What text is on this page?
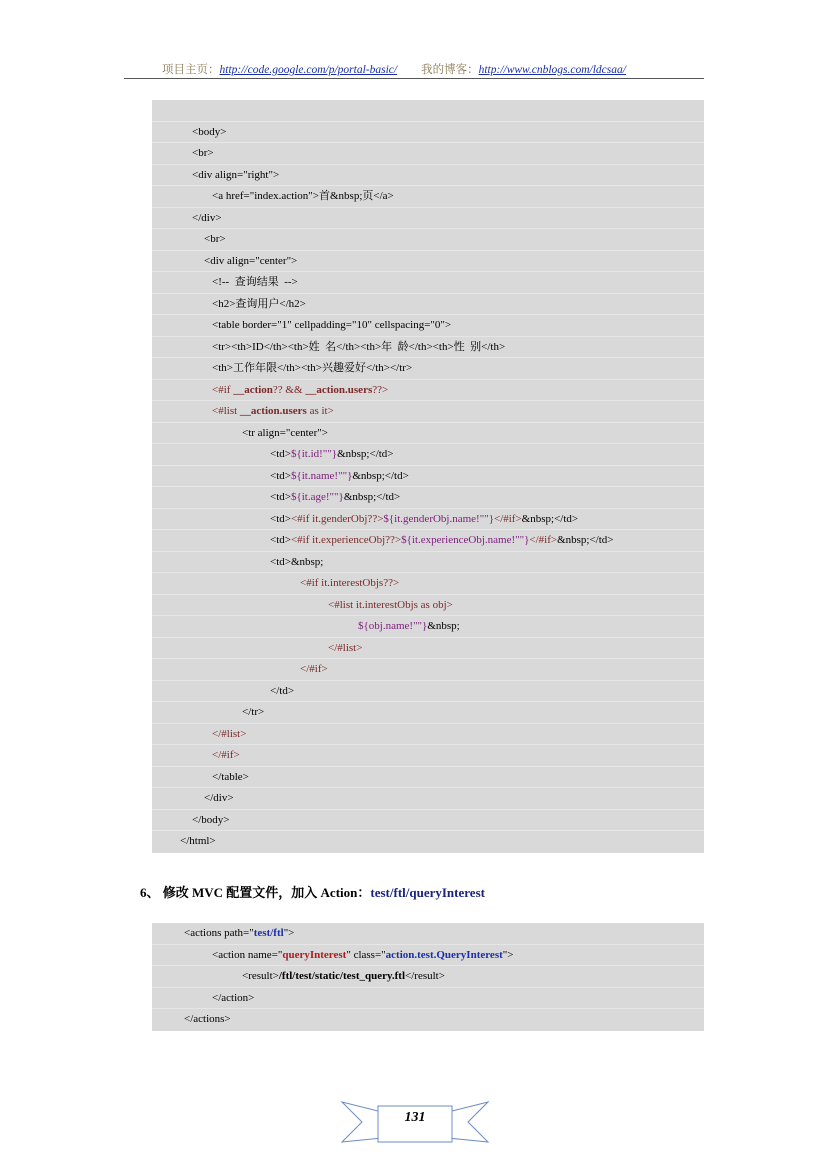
项目主页：http://code.google.com/p/portal-basic/ 我的博客：http://www.cnblogs.com/ldcsaa/
<body>
<br>
<div align="right">
<a href="index.action">首&nbsp;页</a>
</div>
<br>
<div align="center">
<!--  查询结果  -->
<h2>查询用户</h2>
<table border="1" cellpadding="10" cellspacing="0">
<tr><th>ID</th><th>姓  名</th><th>年  龄</th><th>性  别</th>
<th>工作年限</th><th>兴趣爱好</th></tr>
<#if __action?? && __action.users??>
<#list __action.users as it>
<tr align="center">
<td>${it.id!""}&nbsp;</td>
<td>${it.name!""}&nbsp;</td>
<td>${it.age!""}&nbsp;</td>
<td><#if it.genderObj??>${it.genderObj.name!""}</#if>&nbsp;</td>
<td><#if it.experienceObj??>${it.experienceObj.name!""}</#if>&nbsp;</td>
<td>&nbsp;
<#if it.interestObjs??>
<#list it.interestObjs as obj>
${obj.name!""}&nbsp;
</#list>
</#if>
</td>
</tr>
</#list>
</#if>
</table>
</div>
</body>
</html>
6、 修改 MVC 配置文件，加入 Action：test/ftl/queryInterest
<actions path="test/ftl">
<action name="queryInterest" class="action.test.QueryInterest">
<result>/ftl/test/static/test_query.ftl</result>
</action>
</actions>
131
